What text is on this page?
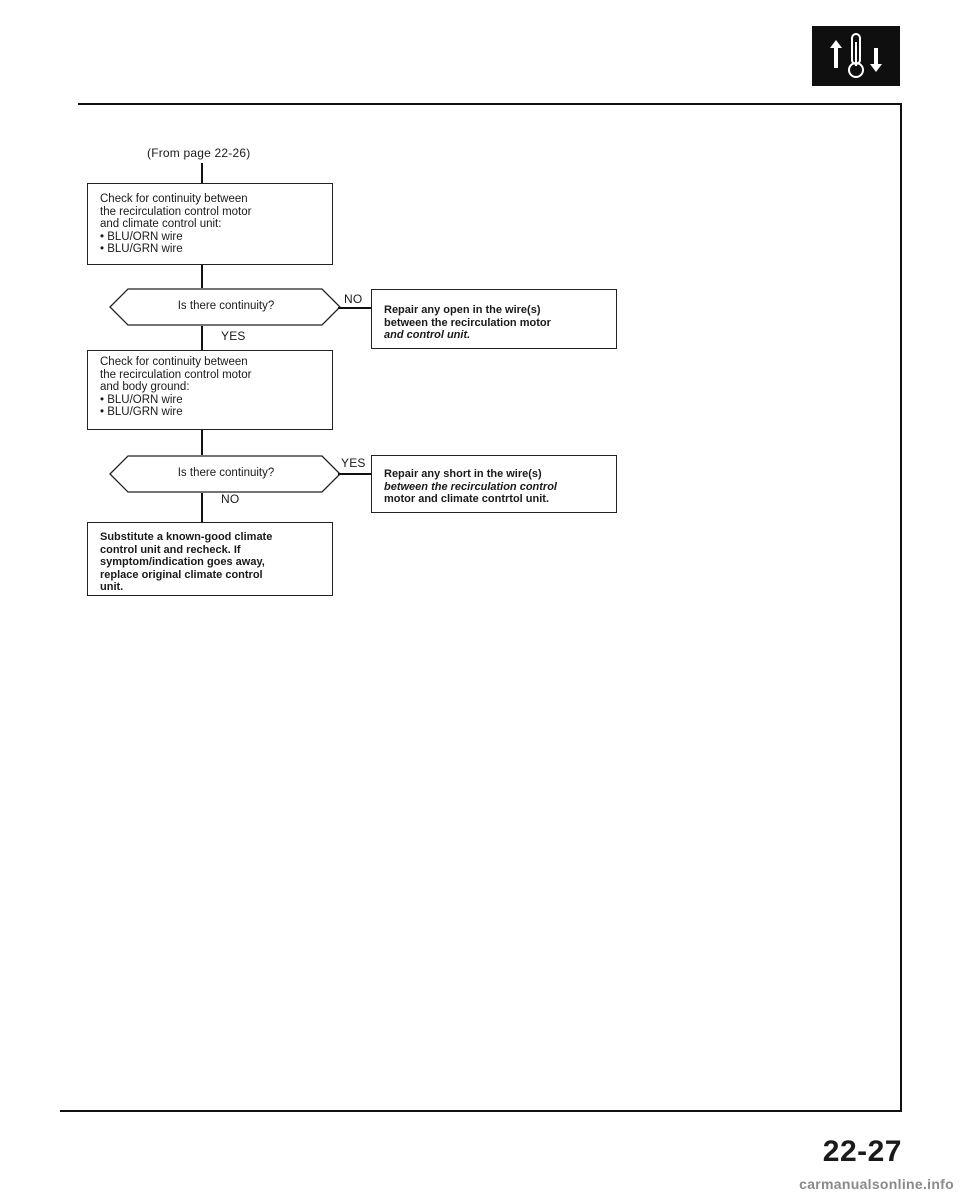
(From page 22-26)
Check for continuity between
the recirculation control motor
and climate control unit:
• BLU/ORN wire
• BLU/GRN wire
Is there continuity?	NO
YES
Repair any open in the wire(s)
between the recirculation motor
and control unit.
Check for continuity between
the recirculation control motor
and body ground:
• BLU/ORN wire
• BLU/GRN wire
Is there continuity?
YES
NO
Repair any short in the wire(s)
between the recirculation control
motor and climate contrtol unit.
Substitute a known-good climate
control unit and recheck. If
symptom/indication goes away,
replace original climate control
unit.
22-27
carmanualsonline.info
